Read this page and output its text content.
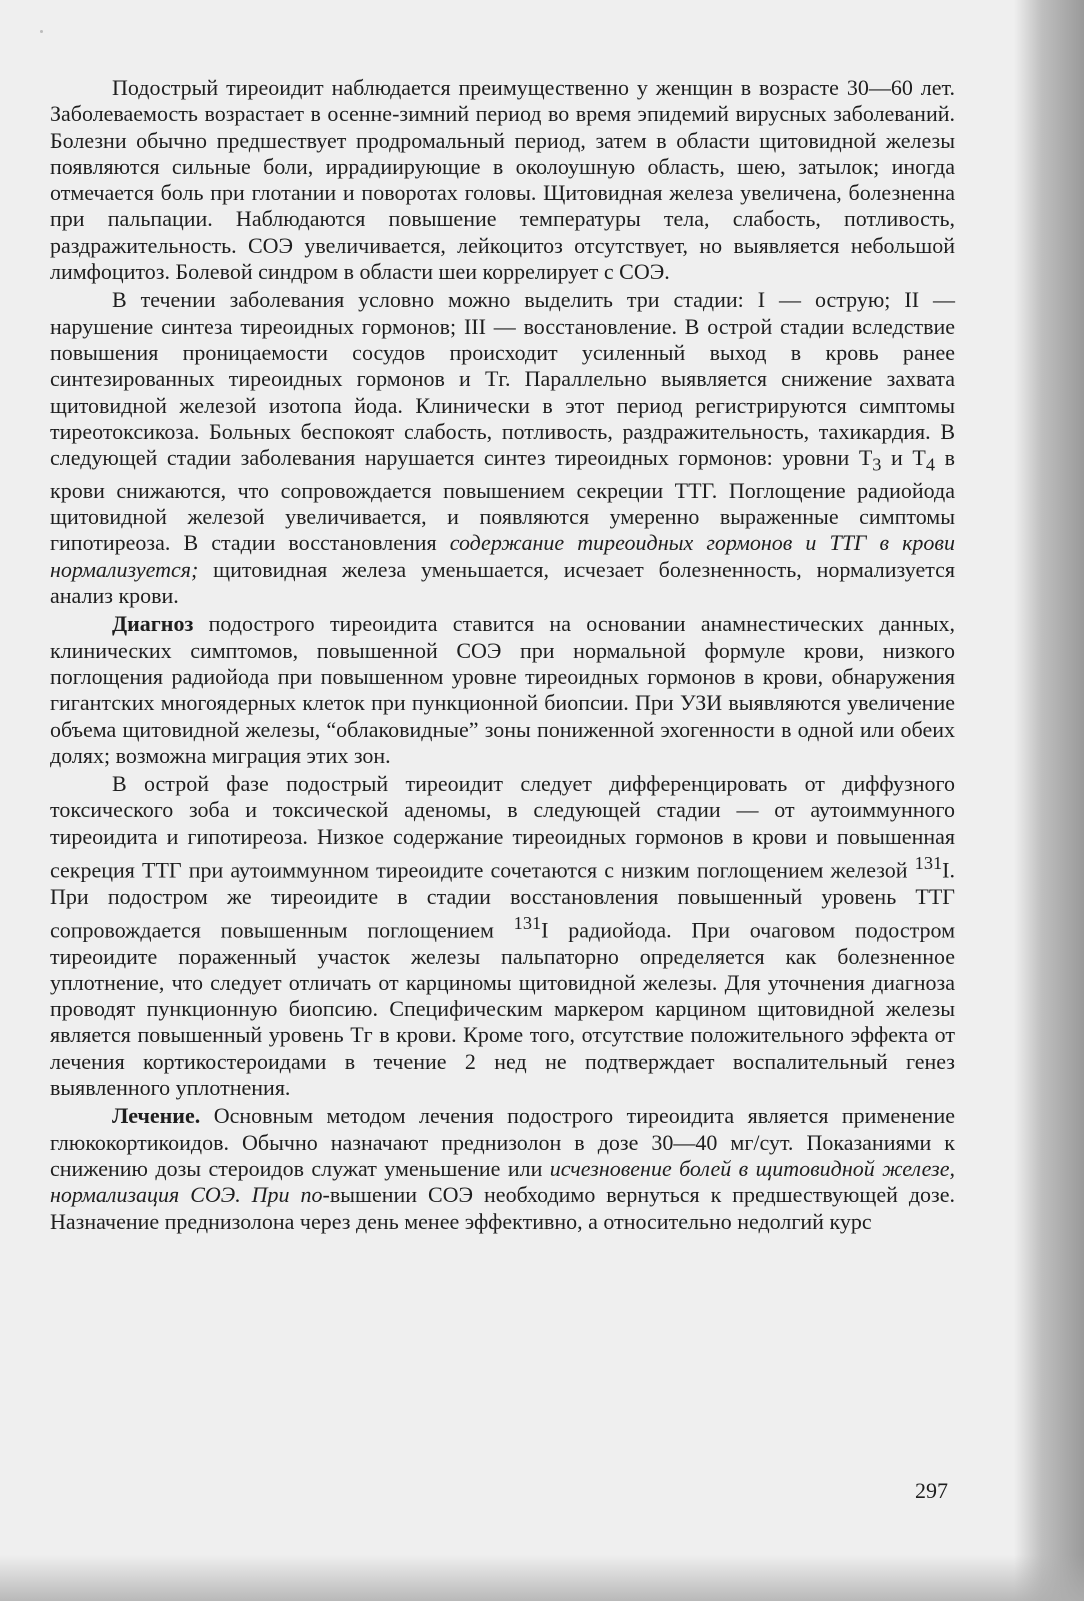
Подострый тиреоидит наблюдается преимущественно у женщин в возрасте 30—60 лет. Заболеваемость возрастает в осенне-зимний период во время эпидемий вирусных заболеваний. Болезни обычно предшествует продромальный период, затем в области щитовидной железы появляются сильные боли, иррадиирующие в околоушную область, шею, затылок; иногда отмечается боль при глотании и поворотах головы. Щитовидная железа увеличена, болезненна при пальпации. Наблюдаются повышение температуры тела, слабость, потливость, раздражительность. СОЭ увеличивается, лейкоцитоз отсутствует, но выявляется небольшой лимфоцитоз. Болевой синдром в области шеи коррелирует с СОЭ.

В течении заболевания условно можно выделить три стадии: I — острую; II — нарушение синтеза тиреоидных гормонов; III — восстановление. В острой стадии вследствие повышения проницаемости сосудов происходит усиленный выход в кровь ранее синтезированных тиреоидных гормонов и Тг. Параллельно выявляется снижение захвата щитовидной железой изотопа йода. Клинически в этот период регистрируются симптомы тиреотоксикоза. Больных беспокоят слабость, потливость, раздражительность, тахикардия. В следующей стадии заболевания нарушается синтез тиреоидных гормонов: уровни $Т_3$ и $Т_4$ в крови снижаются, что сопровождается повышением секреции ТТГ. Поглощение радиойода щитовидной железой увеличивается, и появляются умеренно выраженные симптомы гипотиреоза. В стадии восстановления содержание тиреоидных гормонов и ТТГ в крови нормализуется; щитовидная железа уменьшается, исчезает болезненность, нормализуется анализ крови.

Диагноз подострого тиреоидита ставится на основании анамнестических данных, клинических симптомов, повышенной СОЭ при нормальной формуле крови, низкого поглощения радиойода при повышенном уровне тиреоидных гормонов в крови, обнаружения гигантских многоядерных клеток при пункционной биопсии. При УЗИ выявляются увеличение объема щитовидной железы, “облаковидные” зоны пониженной эхогенности в одной или обеих долях; возможна миграция этих зон.

В острой фазе подострый тиреоидит следует дифференцировать от диффузного токсического зоба и токсической аденомы, в следующей стадии — от аутоиммунного тиреоидита и гипотиреоза. Низкое содержание тиреоидных гормонов в крови и повышенная секреция ТТГ при аутоиммунном тиреоидите сочетаются с низким поглощением железой $^{131}$I. При подостром же тиреоидите в стадии восстановления повышенный уровень ТТГ сопровождается повышенным поглощением $^{131}$I радиойода. При очаговом подостром тиреоидите пораженный участок железы пальпаторно определяется как болезненное уплотнение, что следует отличать от карциномы щитовидной железы. Для уточнения диагноза проводят пункционную биопсию. Специфическим маркером карцином щитовидной железы является повышенный уровень Тг в крови. Кроме того, отсутствие положительного эффекта от лечения кортикостероидами в течение 2 нед не подтверждает воспалительный генез выявленного уплотнения.

Лечение. Основным методом лечения подострого тиреоидита является применение глюкокортикоидов. Обычно назначают преднизолон в дозе 30—40 мг/сут. Показаниями к снижению дозы стероидов служат уменьшение или исчезновение болей в щитовидной железе, нормализация СОЭ. При по-вышении СОЭ необходимо вернуться к предшествующей дозе. Назначение преднизолона через день менее эффективно, а относительно недолгий курс

297
